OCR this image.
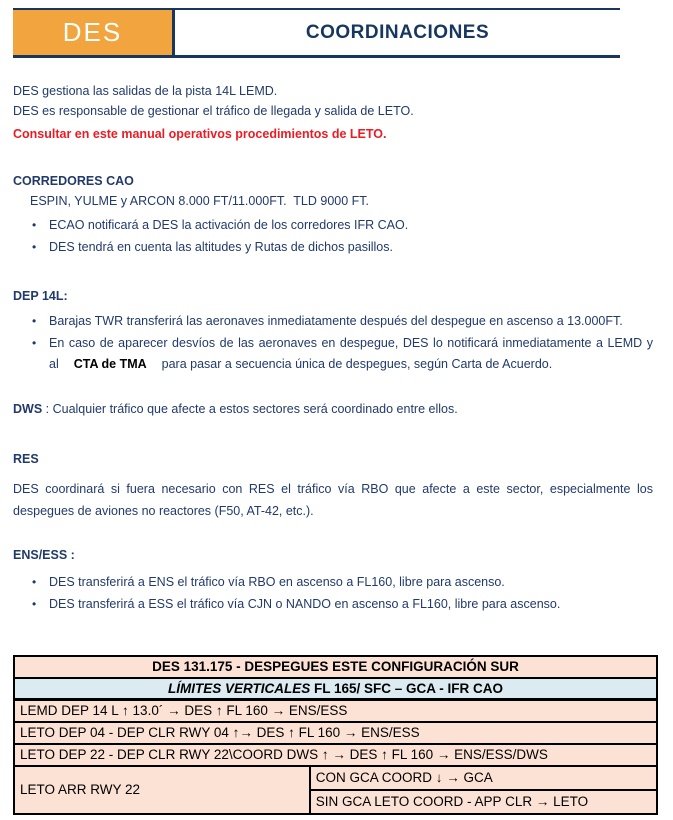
DES	COORDINACIONES

DES gestiona las salidas de la pista 14L LEMD.

DES es responsable de gestionar el tráfico de llegada y salida de LETO.

Consultar en este manual operativos procedimientos de LETO.

CORREDORES CAO
ESPIN, YULME y ARCON 8.000 FT/11.000FT.  TLD 9000 FT.
•	ECAO notificará a DES la activación de los corredores IFR CAO.
•	DES tendrá en cuenta las altitudes y Rutas de dichos pasillos.
DEP 14L:
•	Barajas TWR transferirá las aeronaves inmediatamente después del despegue en ascenso a 13.000FT.
•	En caso de aparecer desvíos de las aeronaves en despegue, DES lo notificará inmediatamente a LEMD y al CTA de TMA para pasar a secuencia única de despegues, según Carta de Acuerdo.
DWS : Cualquier tráfico que afecte a estos sectores será coordinado entre ellos.
RES
DES coordinará si fuera necesario con RES el tráfico vía RBO que afecte a este sector, especialmente los despegues de aviones no reactores (F50, AT-42, etc.).
ENS/ESS :
•	DES transferirá a ENS el tráfico vía RBO en ascenso a FL160, libre para ascenso.
•	DES transferirá a ESS el tráfico vía CJN o NANDO en ascenso a FL160, libre para ascenso.
DES 131.175 - DESPEGUES ESTE CONFIGURACIÓN SUR
LÍMITES VERTICALES FL 165/ SFC – GCA - IFR CAO
LEMD DEP 14 L ↑ 13.0´ → DES ↑ FL 160 → ENS/ESS
LETO DEP 04 - DEP CLR RWY 04 ↑→ DES ↑ FL 160 → ENS/ESS
LETO DEP 22 - DEP CLR RWY 22\COORD DWS ↑ → DES ↑ FL 160 → ENS/ESS/DWS
LETO ARR RWY 22	CON GCA COORD ↓ → GCA
SIN GCA LETO COORD - APP CLR → LETO
